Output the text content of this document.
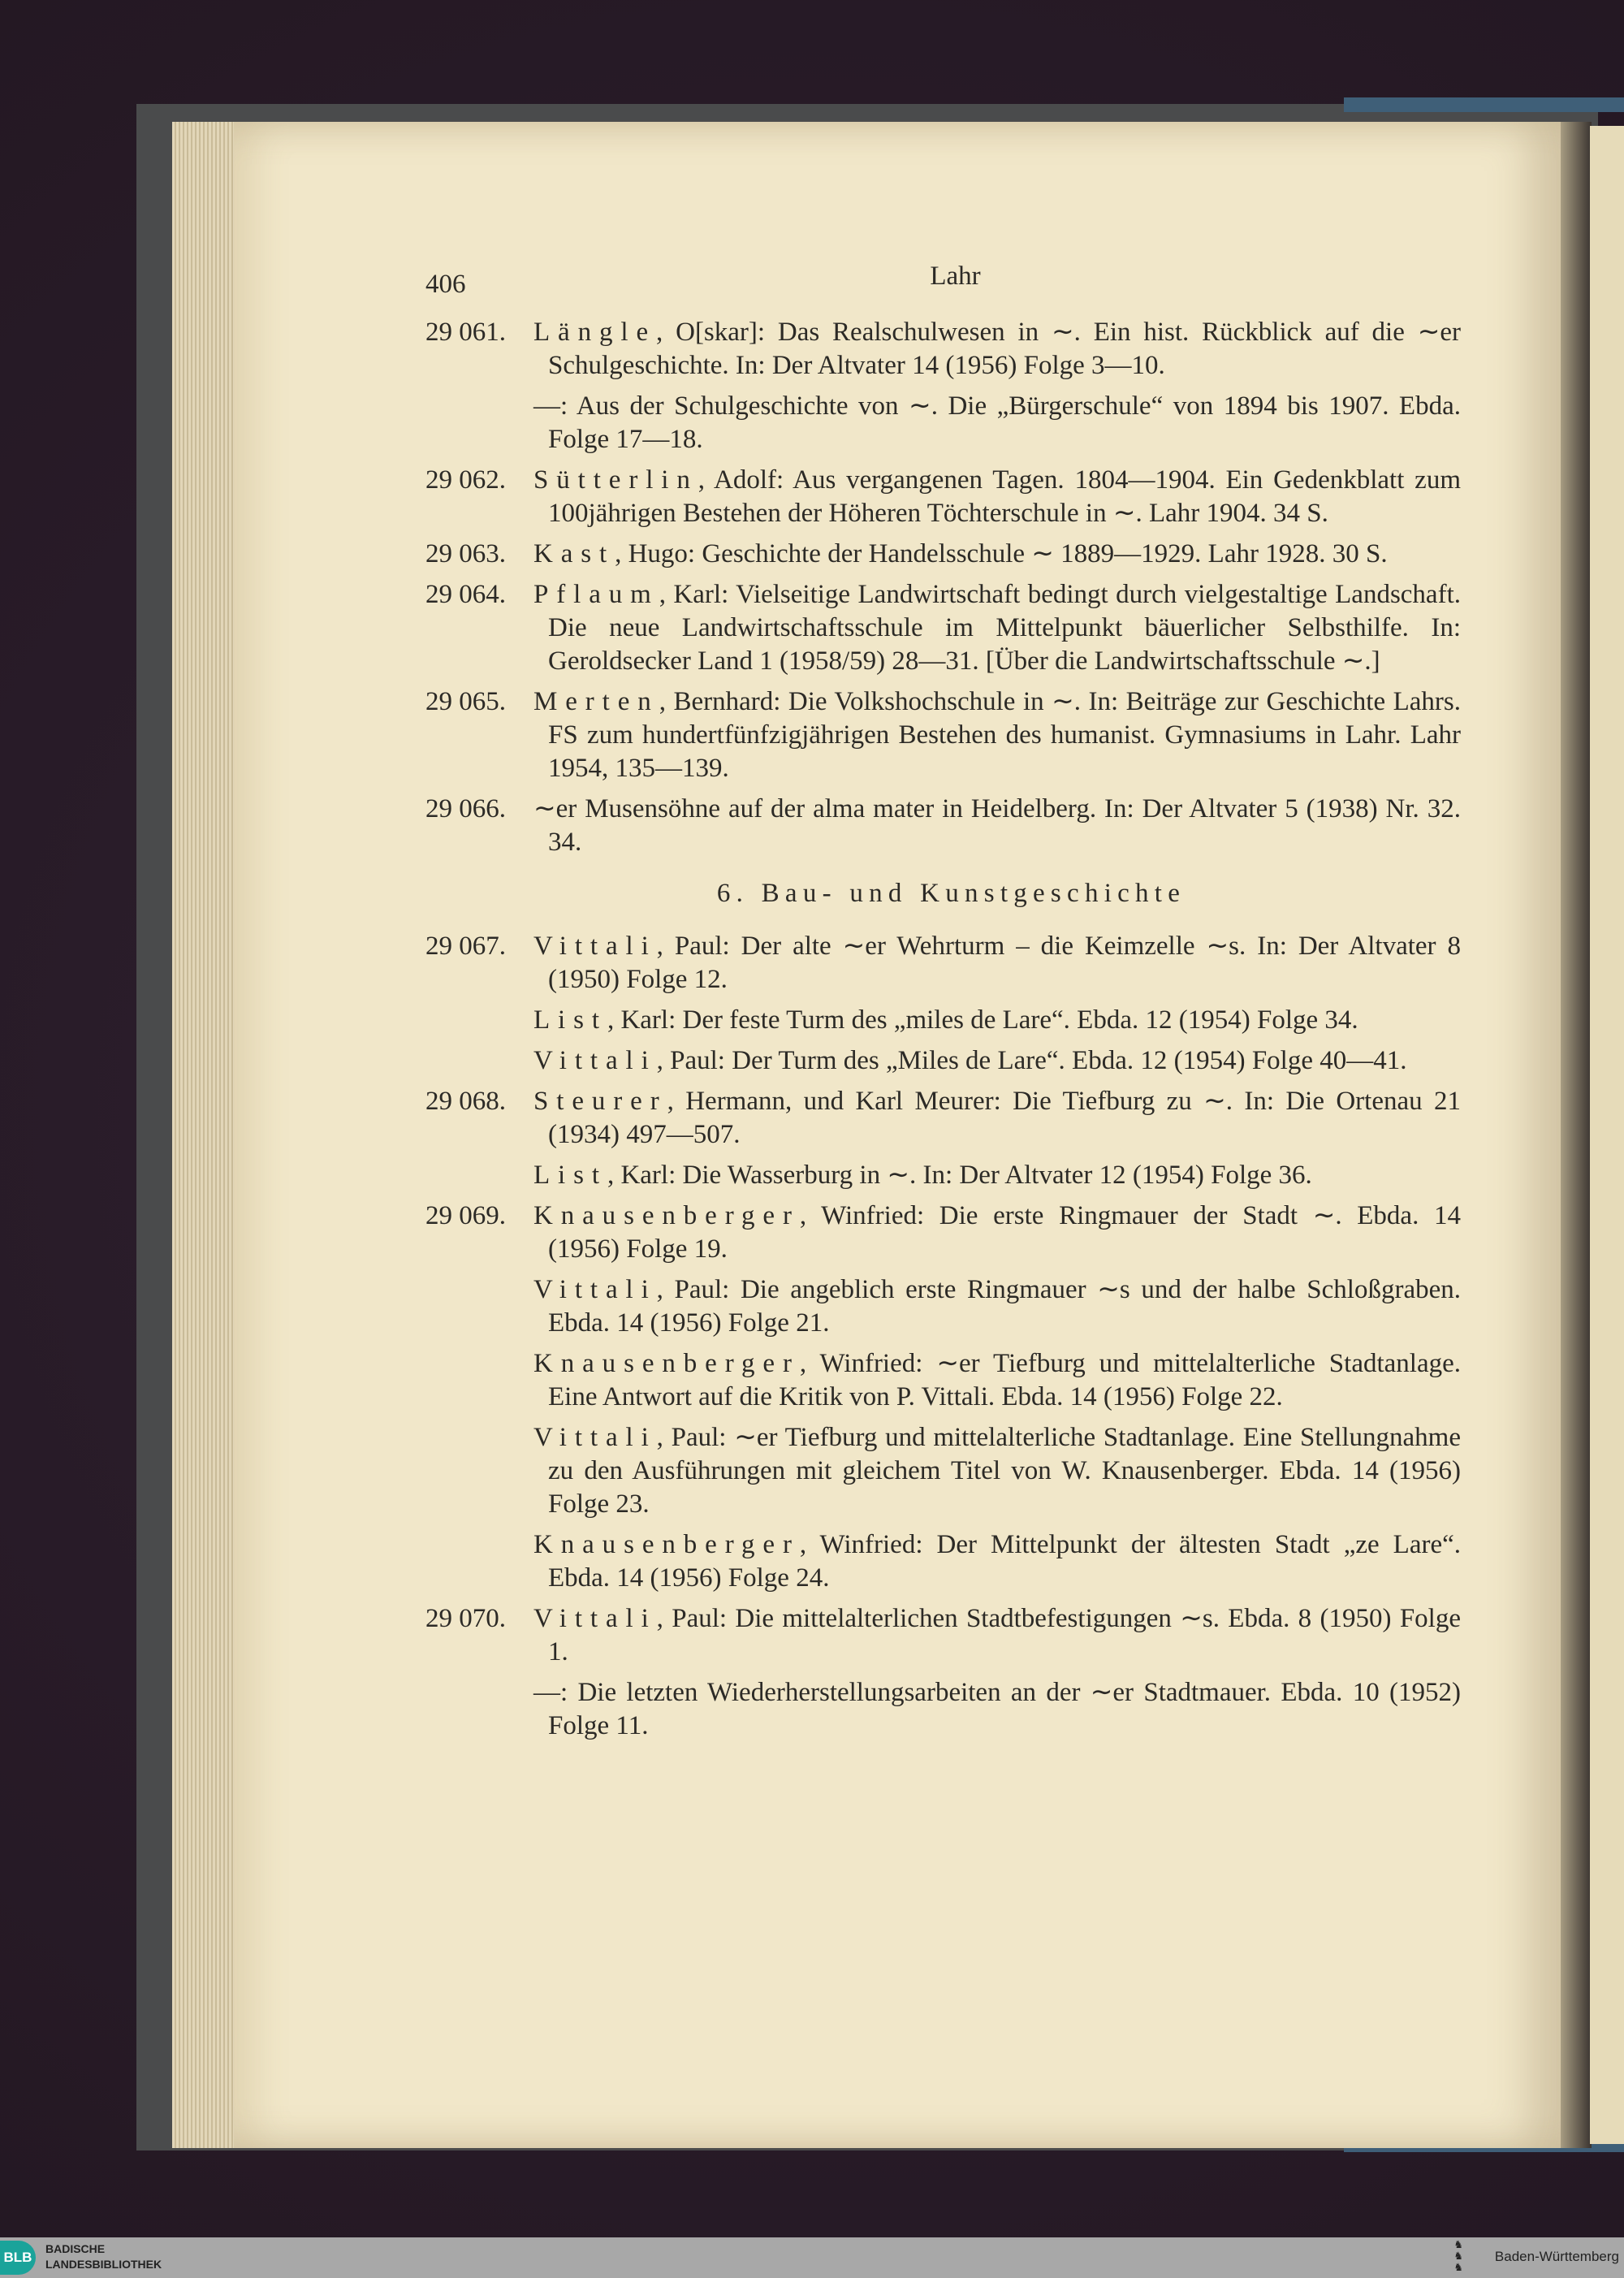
406	Lahr
29 061. Längle, O[skar]: Das Realschulwesen in ∼. Ein hist. Rückblick auf die ∼er Schulgeschichte. In: Der Altvater 14 (1956) Folge 3—10.
—: Aus der Schulgeschichte von ∼. Die „Bürgerschule“ von 1894 bis 1907. Ebda. Folge 17—18.
29 062. Sütterlin, Adolf: Aus vergangenen Tagen. 1804—1904. Ein Gedenkblatt zum 100jährigen Bestehen der Höheren Töchterschule in ∼. Lahr 1904. 34 S.
29 063. Kast, Hugo: Geschichte der Handelsschule ∼ 1889—1929. Lahr 1928. 30 S.
29 064. Pflaum, Karl: Vielseitige Landwirtschaft bedingt durch vielgestaltige Landschaft. Die neue Landwirtschaftsschule im Mittelpunkt bäuerlicher Selbsthilfe. In: Geroldsecker Land 1 (1958/59) 28—31. [Über die Landwirtschaftsschule ∼.]
29 065. Merten, Bernhard: Die Volkshochschule in ∼. In: Beiträge zur Geschichte Lahrs. FS zum hundertfünfzigjährigen Bestehen des humanist. Gymnasiums in Lahr. Lahr 1954, 135—139.
29 066. ∼er Musensöhne auf der alma mater in Heidelberg. In: Der Altvater 5 (1938) Nr. 32. 34.
6. Bau- und Kunstgeschichte
29 067. Vittali, Paul: Der alte ∼er Wehrturm – die Keimzelle ∼s. In: Der Altvater 8 (1950) Folge 12.
List, Karl: Der feste Turm des „miles de Lare“. Ebda. 12 (1954) Folge 34.
Vittali, Paul: Der Turm des „Miles de Lare“. Ebda. 12 (1954) Folge 40—41.
29 068. Steurer, Hermann, und Karl Meurer: Die Tiefburg zu ∼. In: Die Ortenau 21 (1934) 497—507.
List, Karl: Die Wasserburg in ∼. In: Der Altvater 12 (1954) Folge 36.
29 069. Knausenberger, Winfried: Die erste Ringmauer der Stadt ∼. Ebda. 14 (1956) Folge 19.
Vittali, Paul: Die angeblich erste Ringmauer ∼s und der halbe Schloßgraben. Ebda. 14 (1956) Folge 21.
Knausenberger, Winfried: ∼er Tiefburg und mittelalterliche Stadtanlage. Eine Antwort auf die Kritik von P. Vittali. Ebda. 14 (1956) Folge 22.
Vittali, Paul: ∼er Tiefburg und mittelalterliche Stadtanlage. Eine Stellungnahme zu den Ausführungen mit gleichem Titel von W. Knausenberger. Ebda. 14 (1956) Folge 23.
Knausenberger, Winfried: Der Mittelpunkt der ältesten Stadt „ze Lare“. Ebda. 14 (1956) Folge 24.
29 070. Vittali, Paul: Die mittelalterlichen Stadtbefestigungen ∼s. Ebda. 8 (1950) Folge 1.
—: Die letzten Wiederherstellungsarbeiten an der ∼er Stadtmauer. Ebda. 10 (1952) Folge 11.
BLB
BADISCHE
LANDESBIBLIOTHEK
♞
♞
♞
Baden-Württemberg
